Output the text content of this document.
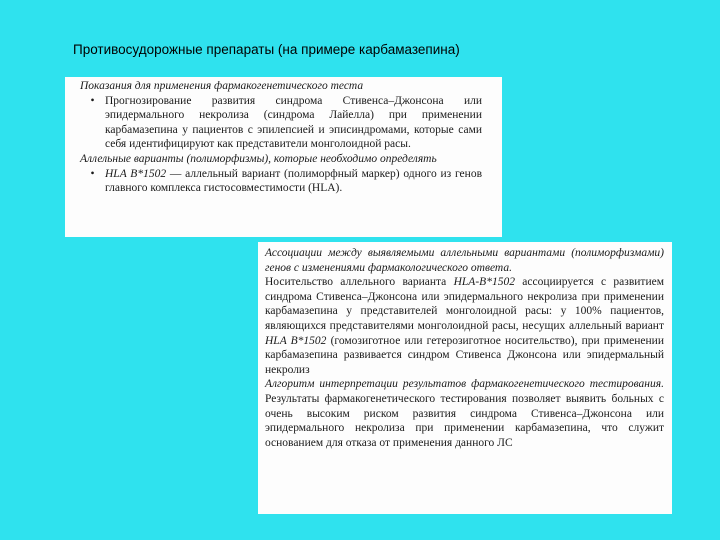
Противосудорожные препараты (на примере карбамазепина)

Показания для применения фармакогенетического теста

• Прогнозирование развития синдрома Стивенса–Джонсона или эпидермального некролиза (синдрома Лайелла) при применении карбамазепина у пациентов с эпилепсией и эписиндромами, которые сами себя идентифицируют как представители монголоидной расы.

Аллельные варианты (полиморфизмы), которые необходимо определять

• HLA B*1502 — аллельный вариант (полиморфный маркер) одного из генов главного комплекса гистосовместимости (HLA).

Ассоциации между выявляемыми аллельными вариантами (полиморфизмами) генов с изменениями фармакологического ответа.

Носительство аллельного варианта HLA-B*1502 ассоциируется с развитием синдрома Стивенса–Джонсона или эпидермального некролиза при применении карбамазепина у представителей монголоидной расы: у 100% пациентов, являющихся представителями монголоидной расы, несущих аллельный вариант HLA B*1502 (гомозиготное или гетерозиготное носительство), при применении карбамазепина развивается синдром Стивенса Джонсона или эпидермальный некролиз

Алгоритм интерпретации результатов фармакогенетического тестирования. Результаты фармакогенетического тестирования позволяет выявить больных с очень высоким риском развития синдрома Стивенса–Джонсона или эпидермального некролиза при применении карбамазепина, что служит основанием для отказа от применения данного ЛС
